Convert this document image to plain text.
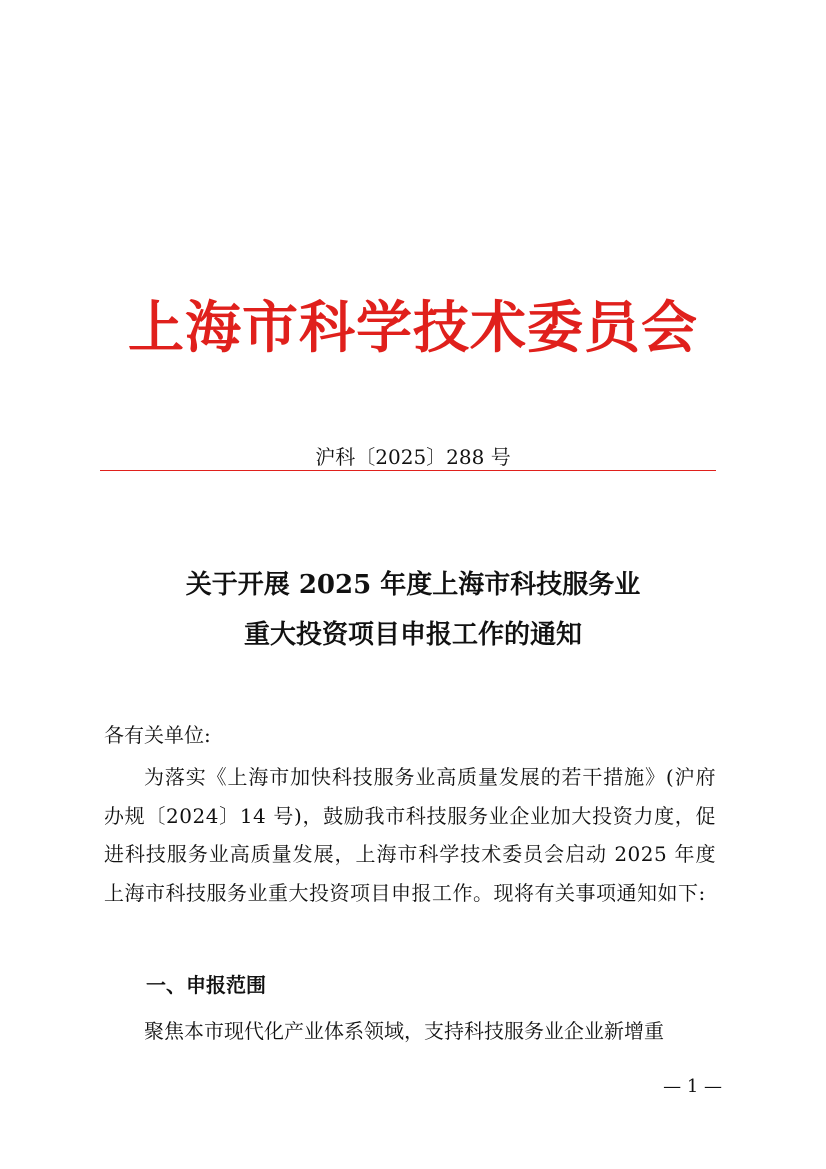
上海市科学技术委员会
沪科〔2025〕288 号
关于开展 2025 年度上海市科技服务业
重大投资项目申报工作的通知
各有关单位:
为落实《上海市加快科技服务业高质量发展的若干措施》(沪府办规〔2024〕14 号)，鼓励我市科技服务业企业加大投资力度，促进科技服务业高质量发展，上海市科学技术委员会启动 2025 年度上海市科技服务业重大投资项目申报工作。现将有关事项通知如下:
一、申报范围
聚焦本市现代化产业体系领域，支持科技服务业企业新增重
— 1 —
